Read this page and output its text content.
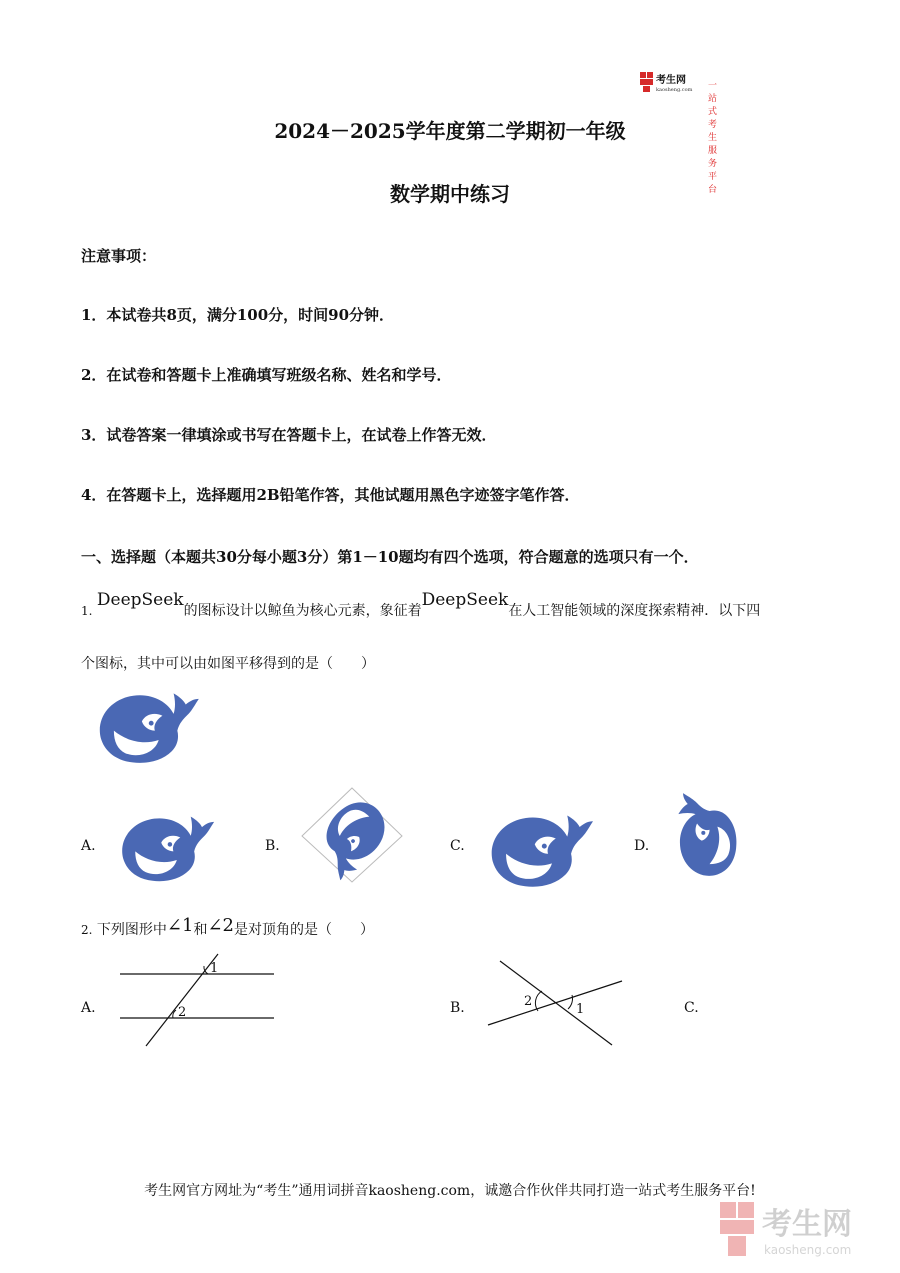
考生网
kaosheng.com 一站式考生服务平台
2024－2025学年度第二学期初一年级
数学期中练习
注意事项：
1．本试卷共8页，满分100分，时间90分钟．
2．在试卷和答题卡上准确填写班级名称、姓名和学号．
3．试卷答案一律填涂或书写在答题卡上，在试卷上作答无效．
4．在答题卡上，选择题用2B铅笔作答，其他试题用黑色字迹签字笔作答．
一、选择题（本题共30分每小题3分）第1－10题均有四个选项，符合题意的选项只有一个．
1. DeepSeek的图标设计以鲸鱼为核心元素，象征着DeepSeek在人工智能领域的深度探索精神．以下四
个图标，其中可以由如图平移得到的是（　　）
A.	B.	C.	D.
2. 下列图形中∠1和∠2是对顶角的是（　　）
A.
1
2	B.	2
1	C.
考生网官方网址为“考生”通用词拼音kaosheng.com，诚邀合作伙伴共同打造一站式考生服务平台!
考生网
kaosheng.com
